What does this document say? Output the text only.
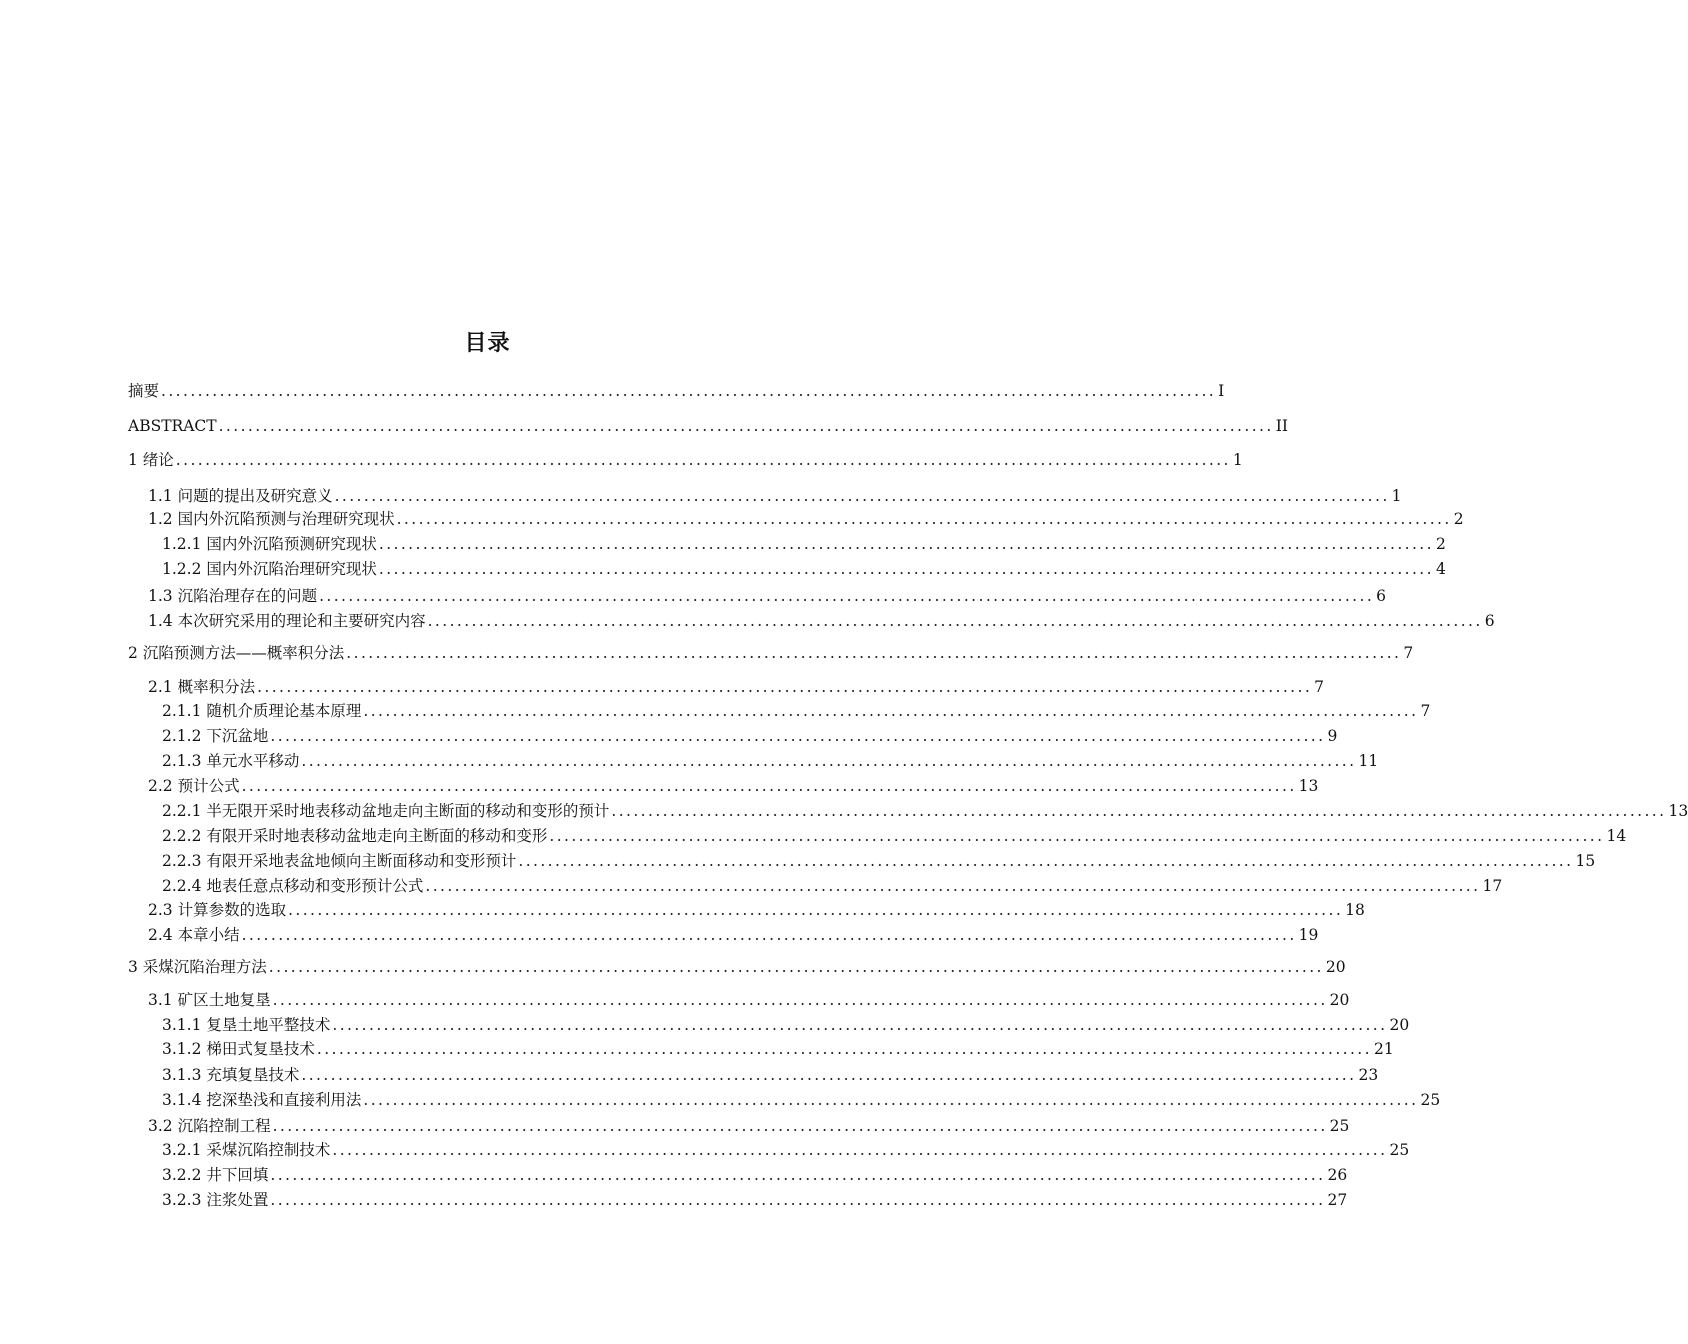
目录
摘要 ................................................................................................................................................ I
ABSTRACT ................................................................................................................................................ II
1 绪论 ................................................................................................................................................ 1
1.1 问题的提出及研究意义 ................................................................................................................................................ 1
1.2 国内外沉陷预测与治理研究现状 ................................................................................................................................................ 2
1.2.1 国内外沉陷预测研究现状 ................................................................................................................................................ 2
1.2.2 国内外沉陷治理研究现状 ................................................................................................................................................ 4
1.3 沉陷治理存在的问题 ................................................................................................................................................ 6
1.4 本次研究采用的理论和主要研究内容 ................................................................................................................................................ 6
2 沉陷预测方法——概率积分法 ................................................................................................................................................ 7
2.1 概率积分法 ................................................................................................................................................ 7
2.1.1 随机介质理论基本原理 ................................................................................................................................................ 7
2.1.2 下沉盆地 ................................................................................................................................................ 9
2.1.3 单元水平移动 ................................................................................................................................................ 11
2.2 预计公式 ................................................................................................................................................ 13
2.2.1 半无限开采时地表移动盆地走向主断面的移动和变形的预计 ................................................................................................................................................ 13
2.2.2 有限开采时地表移动盆地走向主断面的移动和变形 ................................................................................................................................................ 14
2.2.3 有限开采地表盆地倾向主断面移动和变形预计 ................................................................................................................................................ 15
2.2.4 地表任意点移动和变形预计公式 ................................................................................................................................................ 17
2.3 计算参数的选取 ................................................................................................................................................ 18
2.4 本章小结 ................................................................................................................................................ 19
3 采煤沉陷治理方法 ................................................................................................................................................ 20
3.1 矿区土地复垦 ................................................................................................................................................ 20
3.1.1 复垦土地平整技术 ................................................................................................................................................ 20
3.1.2 梯田式复垦技术 ................................................................................................................................................ 21
3.1.3 充填复垦技术 ................................................................................................................................................ 23
3.1.4 挖深垫浅和直接利用法 ................................................................................................................................................ 25
3.2 沉陷控制工程 ................................................................................................................................................ 25
3.2.1 采煤沉陷控制技术 ................................................................................................................................................ 25
3.2.2 井下回填 ................................................................................................................................................ 26
3.2.3 注浆处置 ................................................................................................................................................ 27
